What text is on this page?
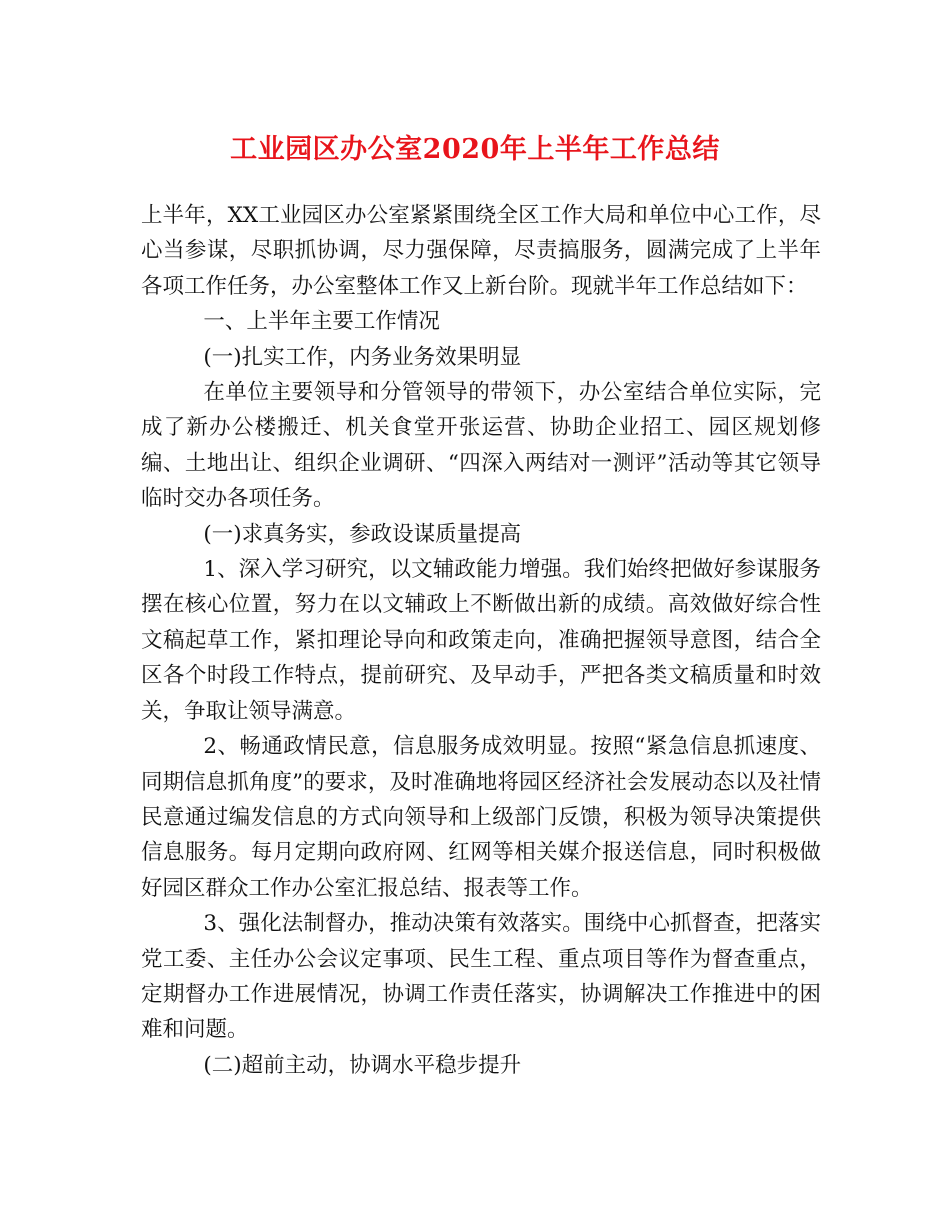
工业园区办公室2020年上半年工作总结

上半年，XX工业园区办公室紧紧围绕全区工作大局和单位中心工作，尽心当参谋，尽职抓协调，尽力强保障，尽责搞服务，圆满完成了上半年各项工作任务，办公室整体工作又上新台阶。现就半年工作总结如下：

一、上半年主要工作情况

(一)扎实工作，内务业务效果明显

在单位主要领导和分管领导的带领下，办公室结合单位实际，完成了新办公楼搬迁、机关食堂开张运营、协助企业招工、园区规划修编、土地出让、组织企业调研、“四深入两结对一测评”活动等其它领导临时交办各项任务。

(一)求真务实，参政设谋质量提高

1、深入学习研究，以文辅政能力增强。我们始终把做好参谋服务摆在核心位置，努力在以文辅政上不断做出新的成绩。高效做好综合性文稿起草工作，紧扣理论导向和政策走向，准确把握领导意图，结合全区各个时段工作特点，提前研究、及早动手，严把各类文稿质量和时效关，争取让领导满意。

2、畅通政情民意，信息服务成效明显。按照“紧急信息抓速度、同期信息抓角度”的要求，及时准确地将园区经济社会发展动态以及社情民意通过编发信息的方式向领导和上级部门反馈，积极为领导决策提供信息服务。每月定期向政府网、红网等相关媒介报送信息，同时积极做好园区群众工作办公室汇报总结、报表等工作。

3、强化法制督办，推动决策有效落实。围绕中心抓督查，把落实党工委、主任办公会议定事项、民生工程、重点项目等作为督查重点，定期督办工作进展情况，协调工作责任落实，协调解决工作推进中的困难和问题。

(二)超前主动，协调水平稳步提升
